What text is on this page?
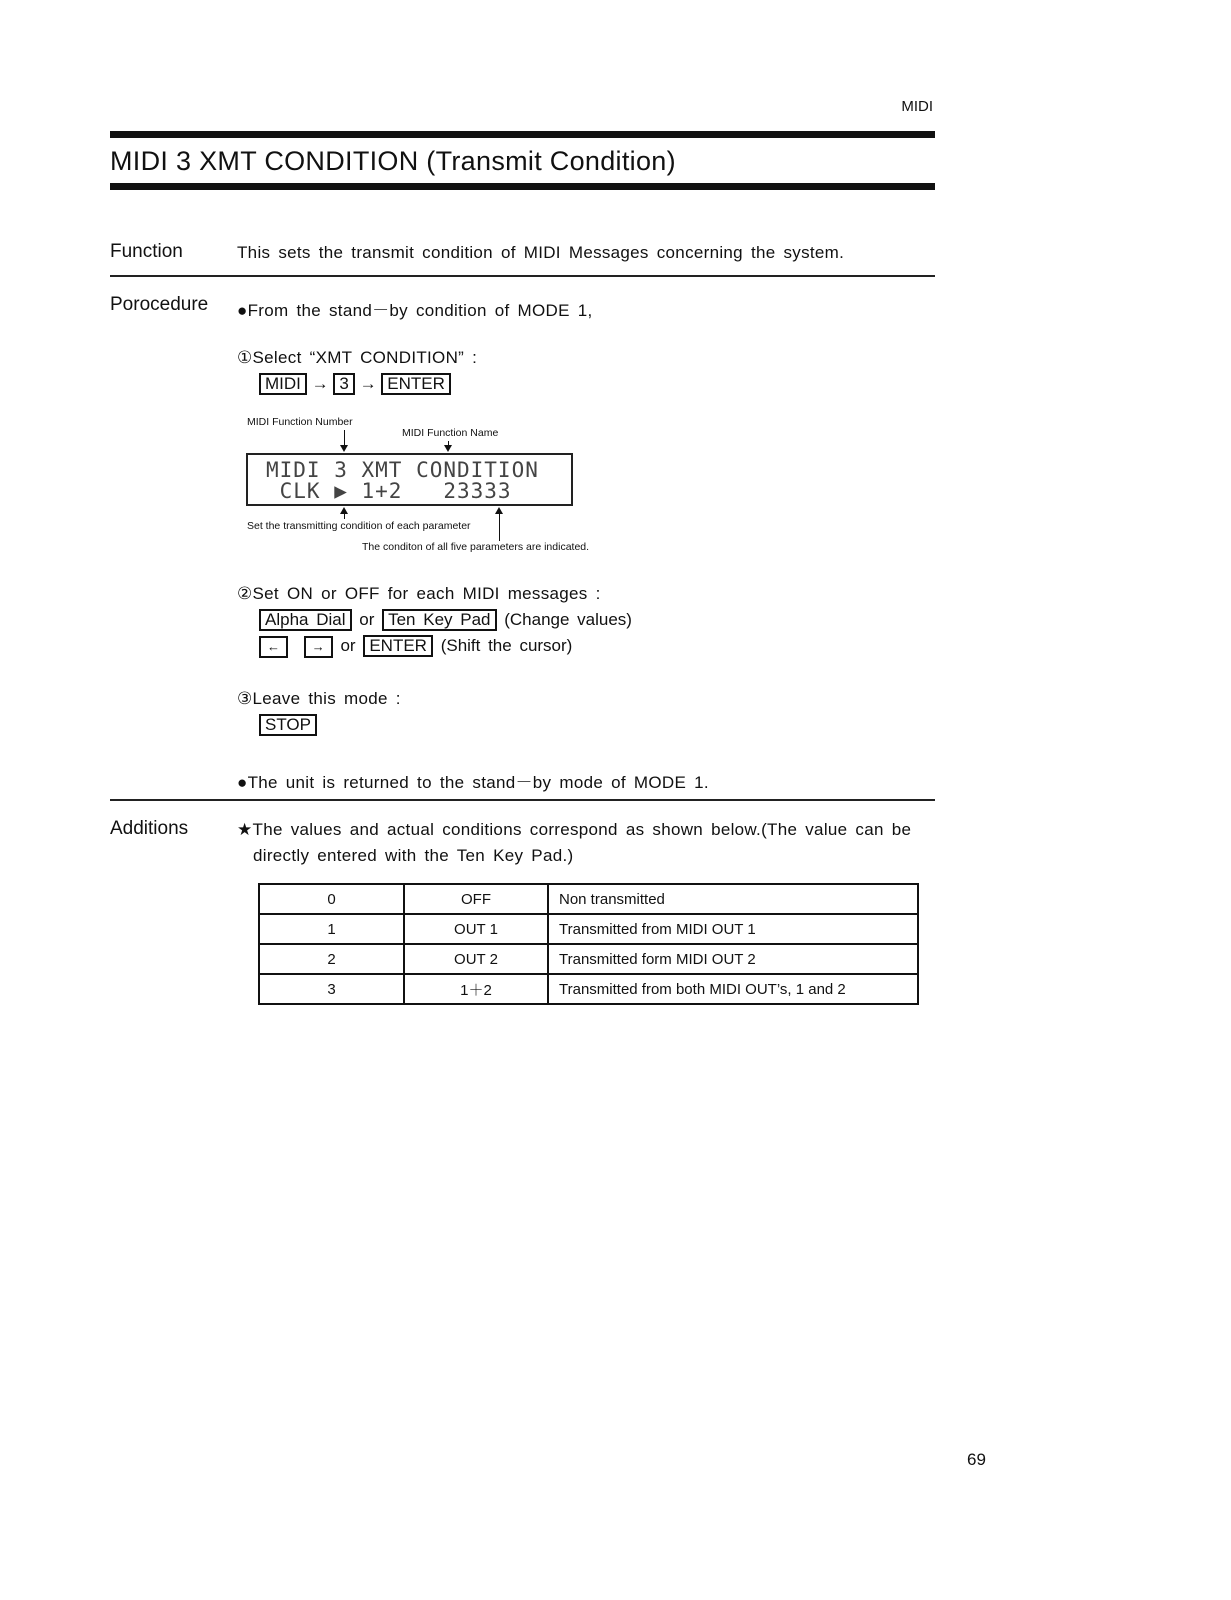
MIDI
MIDI 3 XMT CONDITION (Transmit Condition)
Function	This sets the transmit condition of MIDI Messages concerning the system.
Porocedure ●From the stand－by condition of MODE 1,
①Select “XMT CONDITION” :
MIDI → 3 → ENTER
MIDI Function Number
MIDI Function Name
MIDI 3 XMT CONDITION
CLK ▶ 1+2   23333
Set the transmitting condition of each parameter
The conditon of all five parameters are indicated.
②Set ON or OFF for each MIDI messages :
Alpha Dial or Ten Key Pad (Change values)
← → or ENTER (Shift the cursor)
③Leave this mode :
STOP
●The unit is returned to the stand－by mode of MODE 1.
Additions	★The values and actual conditions correspond as shown below.(The value can be
directly entered with the Ten Key Pad.)
0	OFF	Non transmitted
1	OUT 1	Transmitted from MIDI OUT 1
2	OUT 2	Transmitted form MIDI OUT 2
3	1＋2	Transmitted from both MIDI OUT’s, 1 and 2
69
